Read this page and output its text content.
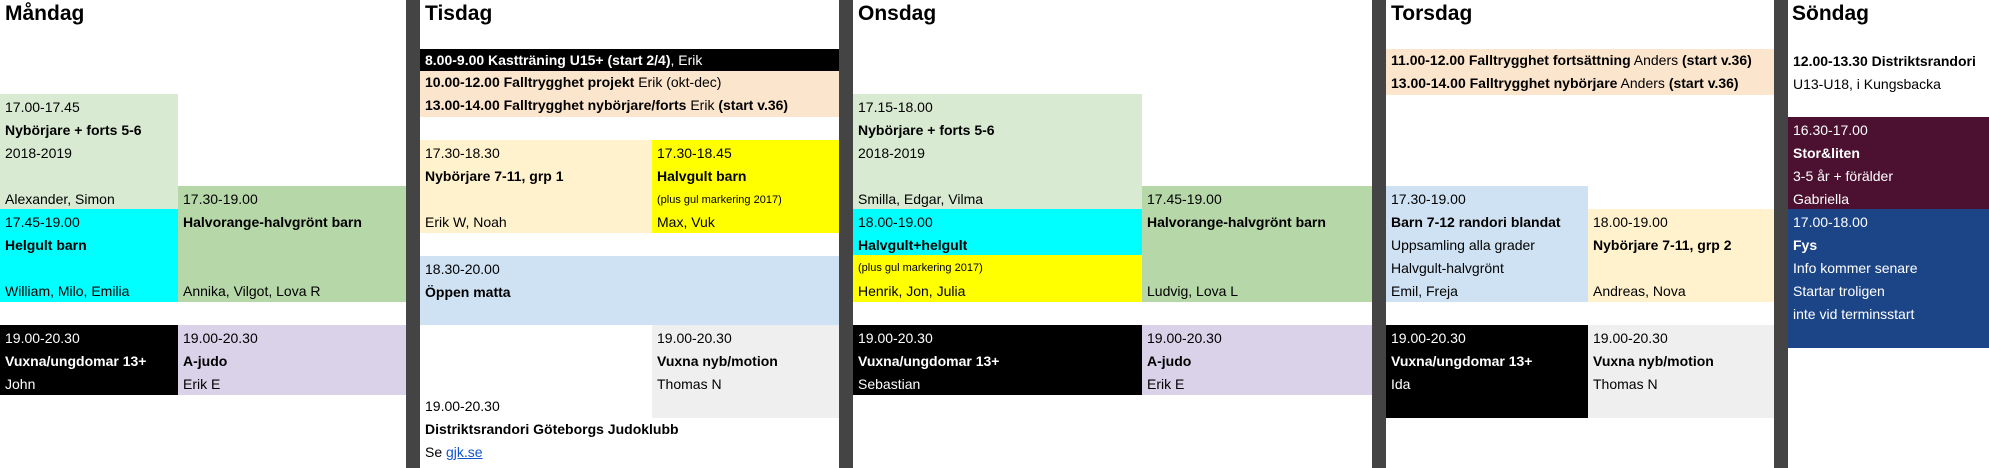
Måndag	Tisdag	Onsdag	Torsdag	Söndag
17.00-17.45
Nybörjare + forts 5-6
2018-2019
Alexander, Simon	17.30-19.00
Halvorange-halvgrönt barn
Annika, Vilgot, Lova R
17.45-19.00
Helgult barn
William, Milo, Emilia
19.00-20.30
Vuxna/ungdomar 13+
John
19.00-20.30
A-judo
Erik E
8.00-9.00 Kastträning U15+ (start 2/4), Erik
10.00-12.00 Falltrygghet projekt Erik (okt-dec)
13.00-14.00 Falltrygghet nybörjare/forts Erik (start v.36)
17.30-18.30
Nybörjare 7-11, grp 1
Erik W, Noah
17.30-18.45
Halvgult barn
(plus gul markering 2017)
Max, Vuk
18.30-20.00
Öppen matta
19.00-20.30
Vuxna nyb/motion
Thomas N
19.00-20.30
Distriktsrandori Göteborgs Judoklubb
Se gjk.se
17.15-18.00
Nybörjare + forts 5-6
2018-2019
Smilla, Edgar, Vilma	17.45-19.00
Halvorange-halvgrönt barn
Ludvig, Lova L
18.00-19.00
Halvgult+helgult
(plus gul markering 2017)
Henrik, Jon, Julia
19.00-20.30
Vuxna/ungdomar 13+
Sebastian
19.00-20.30
A-judo
Erik E
11.00-12.00 Falltrygghet fortsättning Anders (start v.36)
13.00-14.00 Falltrygghet nybörjare Anders (start v.36)
17.30-19.00
Barn 7-12 randori blandat
Uppsamling alla grader
Halvgult-halvgrönt
Emil, Freja
18.00-19.00
Nybörjare 7-11, grp 2
Andreas, Nova
19.00-20.30
Vuxna/ungdomar 13+
Ida
19.00-20.30
Vuxna nyb/motion
Thomas N
12.00-13.30 Distriktsrandori
U13-U18, i Kungsbacka
16.30-17.00
Stor&liten
3-5 år + förälder
Gabriella
17.00-18.00
Fys
Info kommer senare
Startar troligen
inte vid terminsstart
